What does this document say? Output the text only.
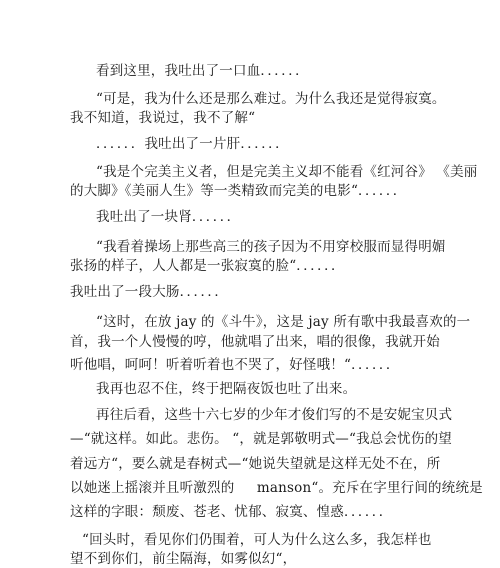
看到这里，我吐出了一口血．．．．．．
“可是，我为什么还是那么难过。为什么我还是觉得寂寞。
我不知道，我说过，我不了解“
．．．．．．我吐出了一片肝．．．．．．
“我是个完美主义者，但是完美主义却不能看《红河谷》 《美丽
的大脚》《美丽人生》等一类精致而完美的电影“．．．．．．
我吐出了一块肾．．．．．．
“我看着操场上那些高三的孩子因为不用穿校服而显得明媚
张扬的样子，人人都是一张寂寞的脸“．．．．．．
我吐出了一段大肠．．．．．．
“这时，在放 jay 的《斗牛》，这是 jay 所有歌中我最喜欢的一
首，我一个人慢慢的哼，他就唱了出来，唱的很像，我就开始
听他唱，呵呵！听着听着也不哭了，好怪哦！“．．．．．．
我再也忍不住，终于把隔夜饭也吐了出来。
再往后看，这些十六七岁的少年才俊们写的不是安妮宝贝式
—“就这样。如此。悲伤。 “，就是郭敬明式—“我总会忧伤的望
着远方“，要么就是春树式—“她说失望就是这样无处不在，所
以她迷上摇滚并且听激烈的     manson“。充斥在字里行间的统统是
这样的字眼：颓废、苍老、忧郁、寂寞、惶惑．．．．．．
“回头时，看见你们仍围着，可人为什么这么多，我怎样也
望不到你们，前尘隔海，如雾似幻“，
